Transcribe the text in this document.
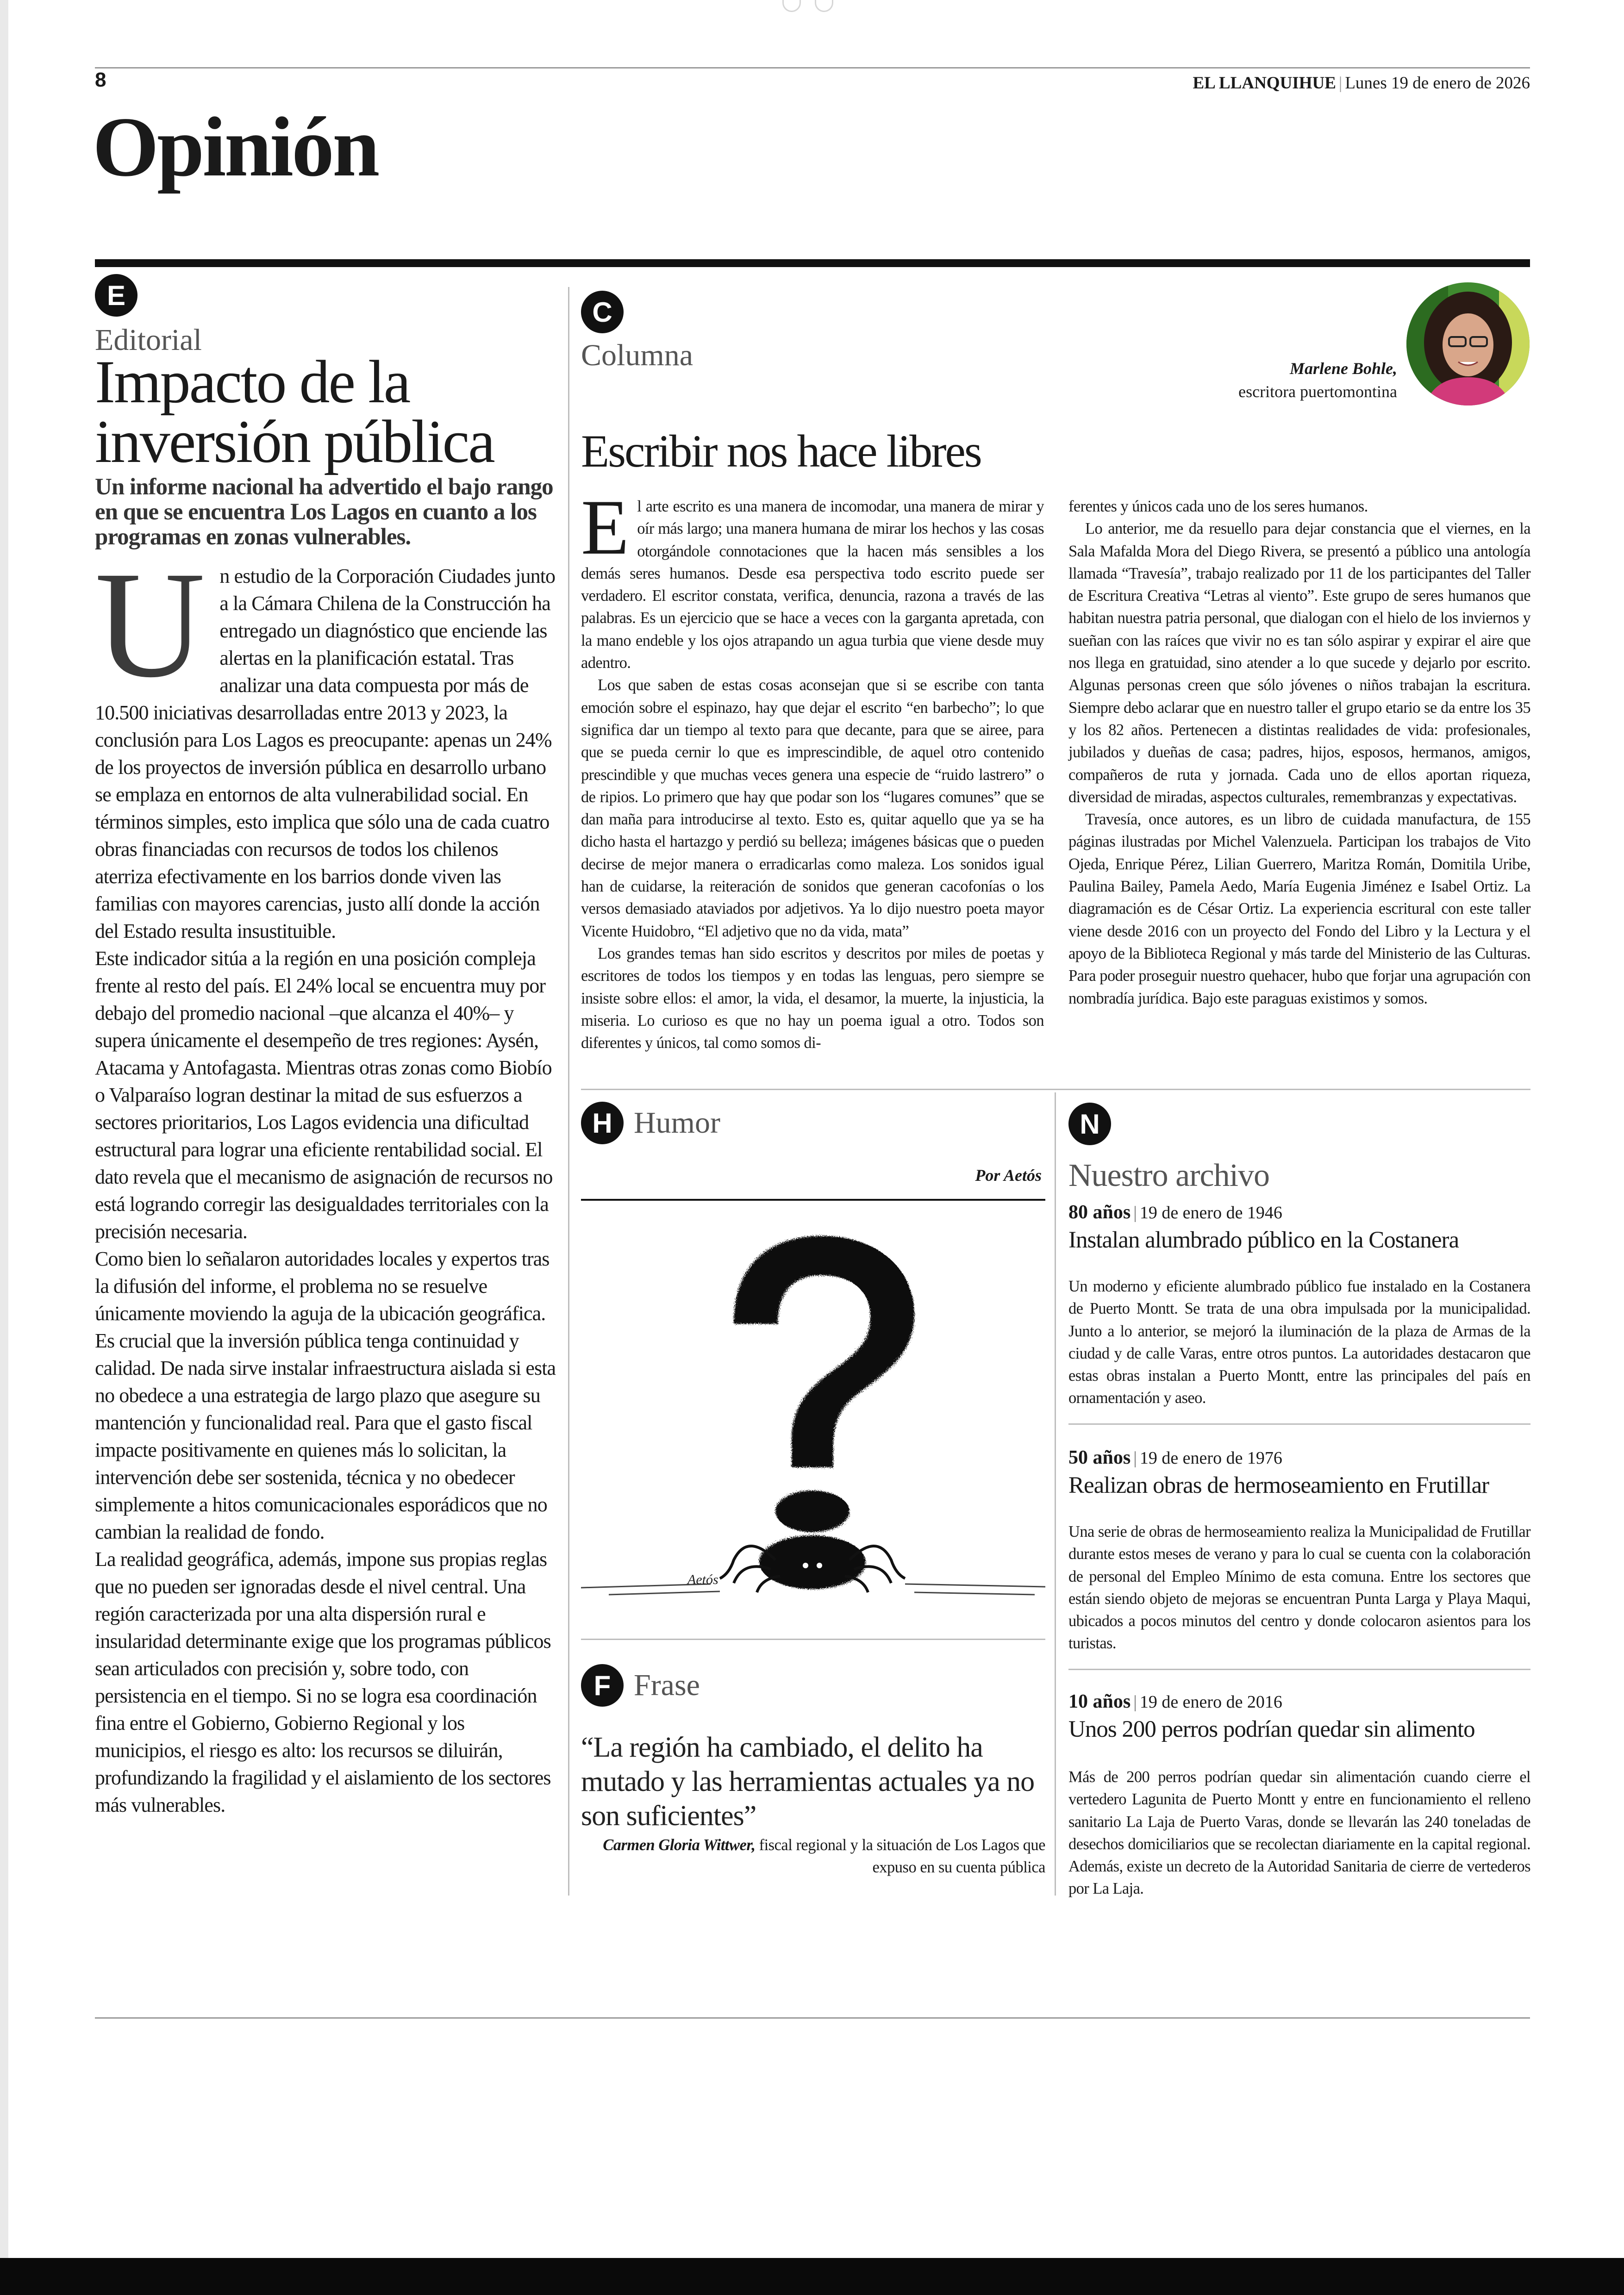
8	EL LLANQUIHUE | Lunes 19 de enero de 2026
Opinión
E
Editorial
Impacto de la inversión pública
Un informe nacional ha advertido el bajo rango en que se encuentra Los Lagos en cuanto a los programas en zonas vulnerables.
U n estudio de la Corporación Ciudades junto a la Cámara Chilena de la Construcción ha entregado un diagnóstico que enciende las alertas en la planificación estatal. Tras analizar una data compuesta por más de 10.500 iniciativas desarrolladas entre 2013 y 2023, la conclusión para Los Lagos es preocupante: apenas un 24% de los proyectos de inversión pública en desarrollo urbano se emplaza en entornos de alta vulnerabilidad social. En términos simples, esto implica que sólo una de cada cuatro obras financiadas con recursos de todos los chilenos aterriza efectivamente en los barrios donde viven las familias con mayores carencias, justo allí donde la acción del Estado resulta insustituible.

Este indicador sitúa a la región en una posición compleja frente al resto del país. El 24% local se encuentra muy por debajo del promedio nacional –que alcanza el 40%– y supera únicamente el desempeño de tres regiones: Aysén, Atacama y Antofagasta. Mientras otras zonas como Biobío o Valparaíso logran destinar la mitad de sus esfuerzos a sectores prioritarios, Los Lagos evidencia una dificultad estructural para lograr una eficiente rentabilidad social. El dato revela que el mecanismo de asignación de recursos no está logrando corregir las desigualdades territoriales con la precisión necesaria.

Como bien lo señalaron autoridades locales y expertos tras la difusión del informe, el problema no se resuelve únicamente moviendo la aguja de la ubicación geográfica. Es crucial que la inversión pública tenga continuidad y calidad. De nada sirve instalar infraestructura aislada si esta no obedece a una estrategia de largo plazo que asegure su mantención y funcionalidad real. Para que el gasto fiscal impacte positivamente en quienes más lo solicitan, la intervención debe ser sostenida, técnica y no obedecer simplemente a hitos comunicacionales esporádicos que no cambian la realidad de fondo.

La realidad geográfica, además, impone sus propias reglas que no pueden ser ignoradas desde el nivel central. Una región caracterizada por una alta dispersión rural e insularidad determinante exige que los programas públicos sean articulados con precisión y, sobre todo, con persistencia en el tiempo. Si no se logra esa coordinación fina entre el Gobierno, Gobierno Regional y los municipios, el riesgo es alto: los recursos se diluirán, profundizando la fragilidad y el aislamiento de los sectores más vulnerables.

C
Columna	Marlene Bohle,
escritora puertomontina
Escribir nos hace libres
E l arte escrito es una manera de incomodar, una manera de mirar y oír más largo; una manera humana de mirar los hechos y las cosas otorgándole connotaciones que la hacen más sensibles a los demás seres humanos. Desde esa perspectiva todo escrito puede ser verdadero. El escritor constata, verifica, denuncia, razona a través de las palabras. Es un ejercicio que se hace a veces con la garganta apretada, con la mano endeble y los ojos atrapando un agua turbia que viene desde muy adentro.

Los que saben de estas cosas aconsejan que si se escribe con tanta emoción sobre el espinazo, hay que dejar el escrito “en barbecho”; lo que significa dar un tiempo al texto para que decante, para que se airee, para que se pueda cernir lo que es imprescindible, de aquel otro contenido prescindible y que muchas veces genera una especie de “ruido lastrero” o de ripios. Lo primero que hay que podar son los “lugares comunes” que se dan maña para introducirse al texto. Esto es, quitar aquello que ya se ha dicho hasta el hartazgo y perdió su belleza; imágenes básicas que o pueden decirse de mejor manera o erradicarlas como maleza. Los sonidos igual han de cuidarse, la reiteración de sonidos que generan cacofonías o los versos demasiado ataviados por adjetivos. Ya lo dijo nuestro poeta mayor Vicente Huidobro, “El adjetivo que no da vida, mata”

Los grandes temas han sido escritos y descritos por miles de poetas y escritores de todos los tiempos y en todas las lenguas, pero siempre se insiste sobre ellos: el amor, la vida, el desamor, la muerte, la injusticia, la miseria. Lo curioso es que no hay un poema igual a otro. Todos son diferentes y únicos, tal como somos di-

ferentes y únicos cada uno de los seres humanos.

Lo anterior, me da resuello para dejar constancia que el viernes, en la Sala Mafalda Mora del Diego Rivera, se presentó a público una antología llamada “Travesía”, trabajo realizado por 11 de los participantes del Taller de Escritura Creativa “Letras al viento”. Este grupo de seres humanos que habitan nuestra patria personal, que dialogan con el hielo de los inviernos y sueñan con las raíces que vivir no es tan sólo aspirar y expirar el aire que nos llega en gratuidad, sino atender a lo que sucede y dejarlo por escrito. Algunas personas creen que sólo jóvenes o niños trabajan la escritura. Siempre debo aclarar que en nuestro taller el grupo etario se da entre los 35 y los 82 años. Pertenecen a distintas realidades de vida: profesionales, jubilados y dueñas de casa; padres, hijos, esposos, hermanos, amigos, compañeros de ruta y jornada. Cada uno de ellos aportan riqueza, diversidad de miradas, aspectos culturales, remembranzas y expectativas.

Travesía, once autores, es un libro de cuidada manufactura, de 155 páginas ilustradas por Michel Valenzuela. Participan los trabajos de Vito Ojeda, Enrique Pérez, Lilian Guerrero, Maritza Román, Domitila Uribe, Paulina Bailey, Pamela Aedo, María Eugenia Jiménez e Isabel Ortiz. La diagramación es de César Ortiz. La experiencia escritural con este taller viene desde 2016 con un proyecto del Fondo del Libro y la Lectura y el apoyo de la Biblioteca Regional y más tarde del Ministerio de las Culturas. Para poder proseguir nuestro quehacer, hubo que forjar una agrupación con nombradía jurídica. Bajo este paraguas existimos y somos.

H Humor
Por Aetós
Aetós
F Frase
“La región ha cambiado, el delito ha mutado y las herramientas actuales ya no son suficientes”
Carmen Gloria Wittwer, fiscal regional y la situación de Los Lagos que expuso en su cuenta pública
N
Nuestro archivo
80 años | 19 de enero de 1946
Instalan alumbrado público en la Costanera
Un moderno y eficiente alumbrado público fue instalado en la Costanera de Puerto Montt. Se trata de una obra impulsada por la municipalidad. Junto a lo anterior, se mejoró la iluminación de la plaza de Armas de la ciudad y de calle Varas, entre otros puntos. La autoridades destacaron que estas obras instalan a Puerto Montt, entre las principales del país en ornamentación y aseo.
50 años | 19 de enero de 1976
Realizan obras de hermoseamiento en Frutillar
Una serie de obras de hermoseamiento realiza la Municipalidad de Frutillar durante estos meses de verano y para lo cual se cuenta con la colaboración de personal del Empleo Mínimo de esta comuna. Entre los sectores que están siendo objeto de mejoras se encuentran Punta Larga y Playa Maqui, ubicados a pocos minutos del centro y donde colocaron asientos para los turistas.
10 años | 19 de enero de 2016
Unos 200 perros podrían quedar sin alimento
Más de 200 perros podrían quedar sin alimentación cuando cierre el vertedero Lagunita de Puerto Montt y entre en funcionamiento el relleno sanitario La Laja de Puerto Varas, donde se llevarán las 240 toneladas de desechos domiciliarios que se recolectan diariamente en la capital regional. Además, existe un decreto de la Autoridad Sanitaria de cierre de vertederos por La Laja.
